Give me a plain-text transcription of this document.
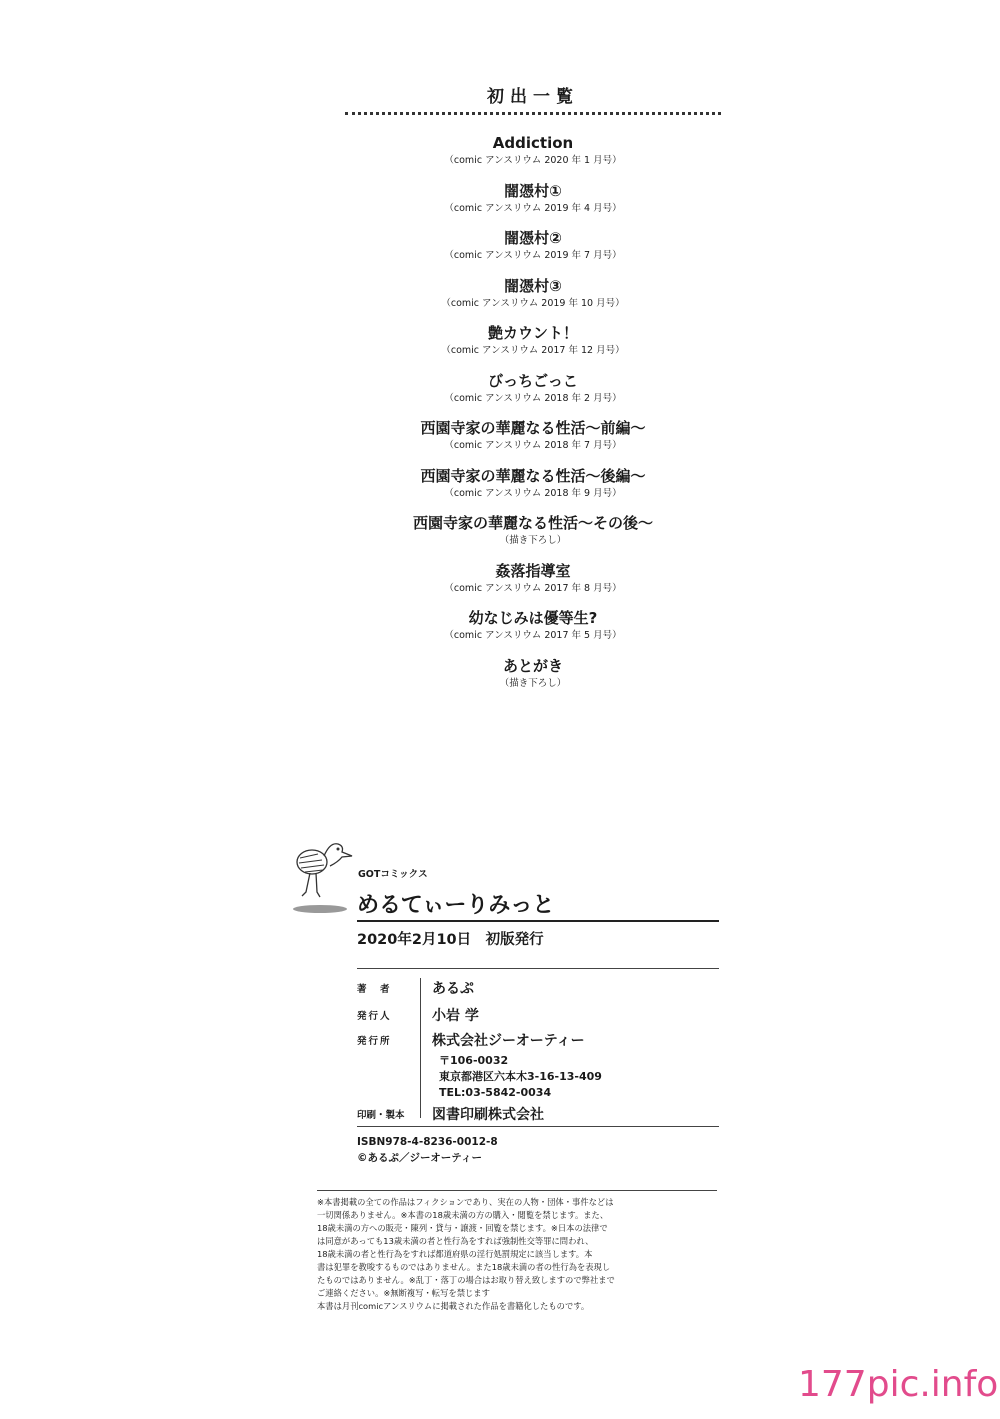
初出一覧
Addiction
（comic アンスリウム 2020 年 1 月号）
闇憑村①
（comic アンスリウム 2019 年 4 月号）
闇憑村②
（comic アンスリウム 2019 年 7 月号）
闇憑村③
（comic アンスリウム 2019 年 10 月号）
艶カウント！
（comic アンスリウム 2017 年 12 月号）
びっちごっこ
（comic アンスリウム 2018 年 2 月号）
西園寺家の華麗なる性活〜前編〜
（comic アンスリウム 2018 年 7 月号）
西園寺家の華麗なる性活〜後編〜
（comic アンスリウム 2018 年 9 月号）
西園寺家の華麗なる性活〜その後〜
（描き下ろし）
姦落指導室
（comic アンスリウム 2017 年 8 月号）
幼なじみは優等生?
（comic アンスリウム 2017 年 5 月号）
あとがき
（描き下ろし）
GOTコミックス
めるてぃーりみっと
2020年2月10日　初版発行
著　者	あるぷ
発行人	小岩 学
発行所	株式会社ジーオーティー
〒106-0032
東京都港区六本木3-16-13-409
TEL:03-5842-0034
印刷・製本	図書印刷株式会社
ISBN978-4-8236-0012-8
©あるぷ／ジーオーティー
※本書掲載の全ての作品はフィクションであり、実在の人物・団体・事件などは
一切関係ありません。※本書の18歳未満の方の購入・閲覧を禁じます。また、
18歳未満の方への販売・陳列・貸与・譲渡・回覧を禁じます。※日本の法律で
は同意があっても13歳未満の者と性行為をすれば強制性交等罪に問われ、
18歳未満の者と性行為をすれば都道府県の淫行処罰規定に該当します。本
書は犯罪を教唆するものではありません。また18歳未満の者の性行為を表現し
たものではありません。※乱丁・落丁の場合はお取り替え致しますので弊社まで
ご連絡ください。※無断複写・転写を禁じます
本書は月刊comicアンスリウムに掲載された作品を書籍化したものです。
177pic.info
